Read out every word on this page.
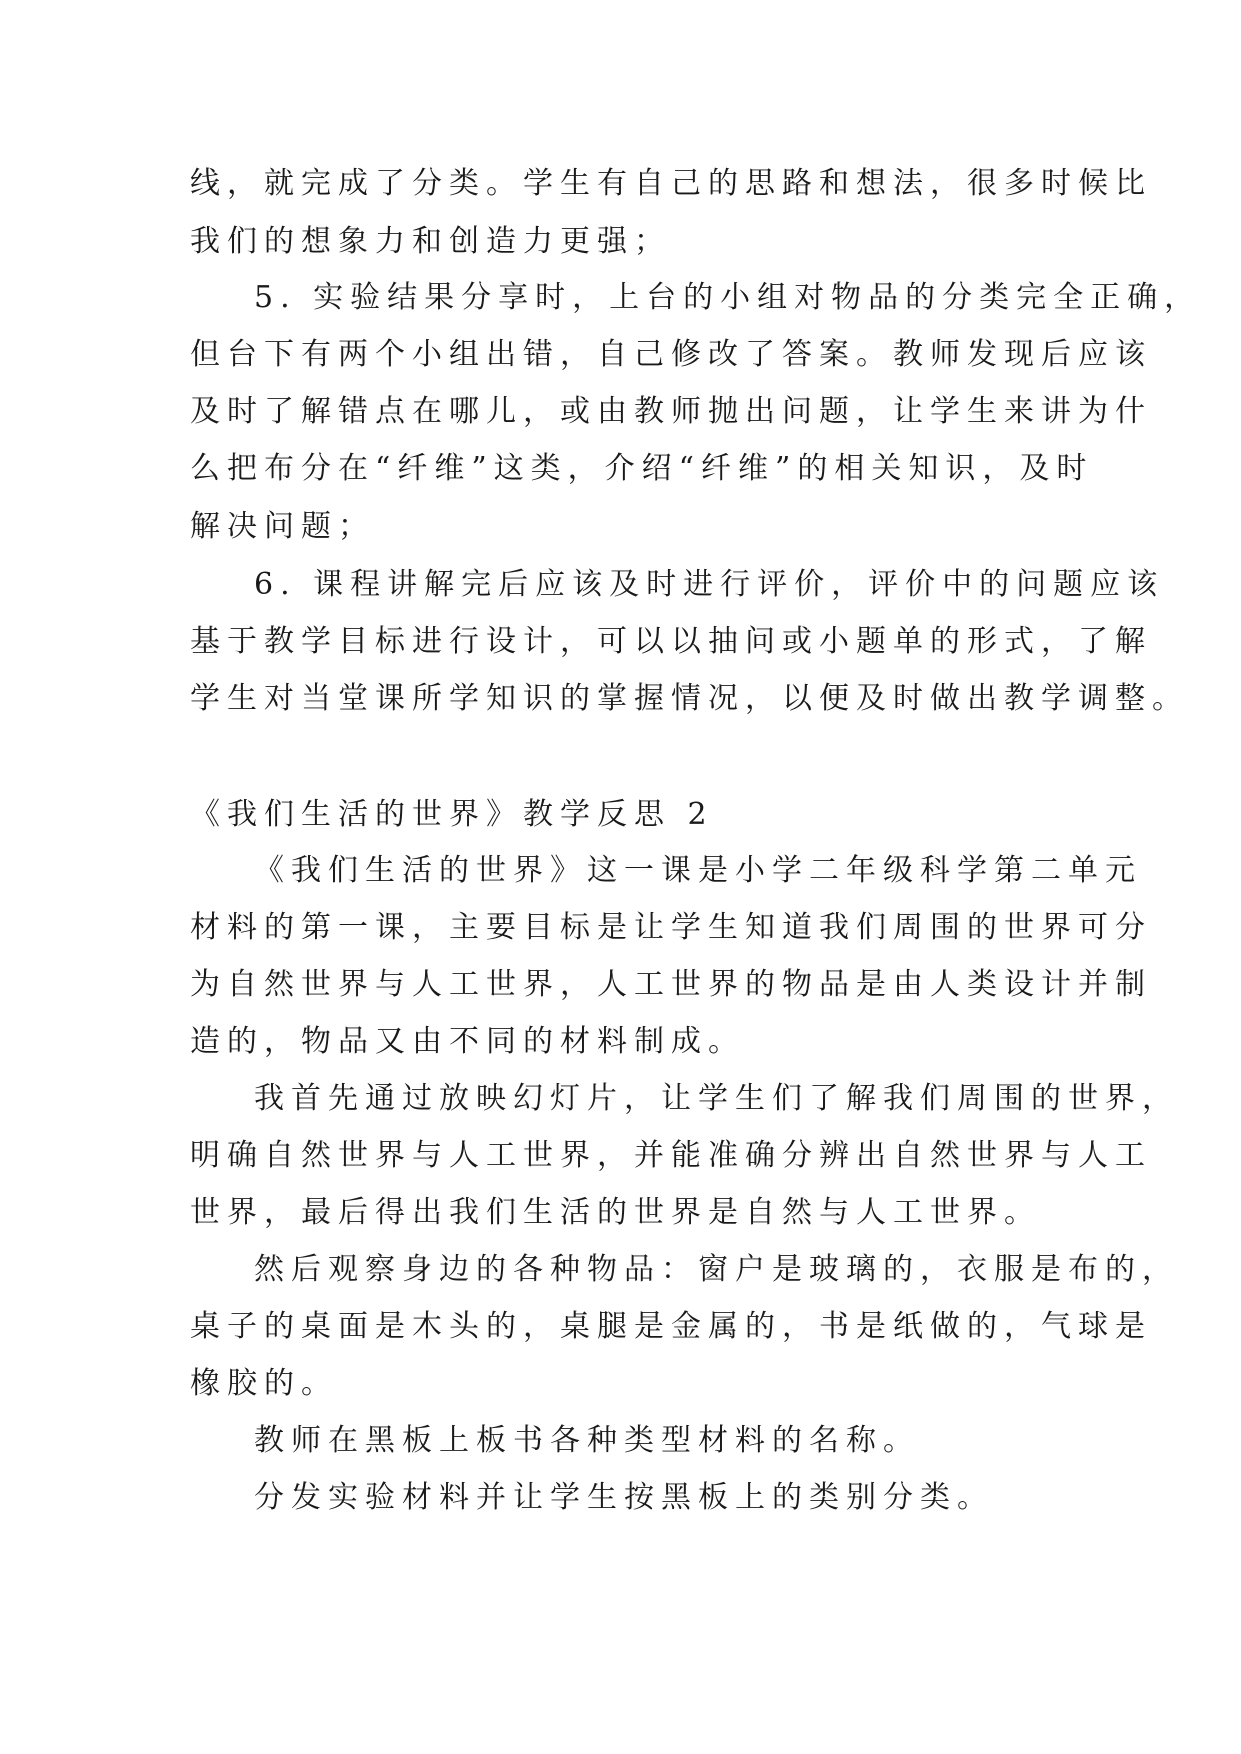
线，就完成了分类。学生有自己的思路和想法，很多时候比
我们的想象力和创造力更强；
5. 实验结果分享时，上台的小组对物品的分类完全正确，
但台下有两个小组出错，自己修改了答案。教师发现后应该
及时了解错点在哪儿，或由教师抛出问题，让学生来讲为什
么把布分在“纤维”这类，介绍“纤维”的相关知识，及时
解决问题；
6. 课程讲解完后应该及时进行评价，评价中的问题应该
基于教学目标进行设计，可以以抽问或小题单的形式，了解
学生对当堂课所学知识的掌握情况，以便及时做出教学调整。
《我们生活的世界》教学反思 2
《我们生活的世界》这一课是小学二年级科学第二单元
材料的第一课，主要目标是让学生知道我们周围的世界可分
为自然世界与人工世界，人工世界的物品是由人类设计并制
造的，物品又由不同的材料制成。
我首先通过放映幻灯片，让学生们了解我们周围的世界，
明确自然世界与人工世界，并能准确分辨出自然世界与人工
世界，最后得出我们生活的世界是自然与人工世界。
然后观察身边的各种物品：窗户是玻璃的，衣服是布的，
桌子的桌面是木头的，桌腿是金属的，书是纸做的，气球是
橡胶的。
教师在黑板上板书各种类型材料的名称。
分发实验材料并让学生按黑板上的类别分类。
